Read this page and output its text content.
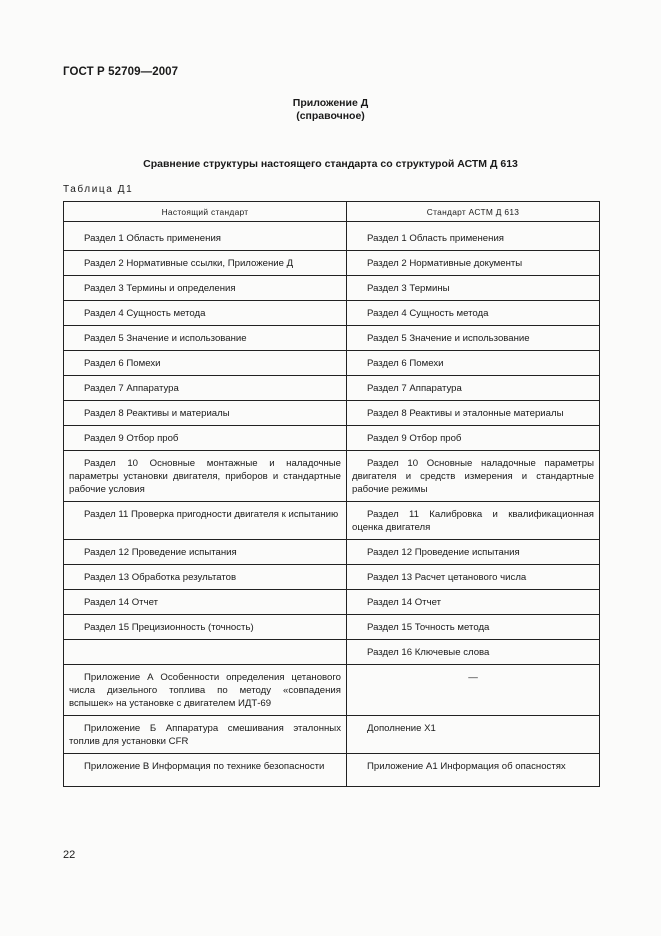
ГОСТ Р 52709—2007
Приложение Д
(справочное)
Сравнение структуры настоящего стандарта со структурой АСТМ Д 613
Таблица Д1
Настоящий стандарт	Стандарт АСТМ Д 613

Раздел 1 Область применения	Раздел 1 Область применения

Раздел 2 Нормативные ссылки, Приложение Д	Раздел 2 Нормативные документы

Раздел 3 Термины и определения	Раздел 3 Термины

Раздел 4 Сущность метода	Раздел 4 Сущность метода

Раздел 5 Значение и использование	Раздел 5 Значение и использование

Раздел 6 Помехи	Раздел 6 Помехи

Раздел 7 Аппаратура	Раздел 7 Аппаратура

Раздел 8 Реактивы и материалы	Раздел 8 Реактивы и эталонные материалы

Раздел 9 Отбор проб	Раздел 9 Отбор проб

Раздел 10 Основные монтажные и наладочные параметры установки двигателя, приборов и стандартные рабочие условия	Раздел 10 Основные наладочные параметры двигателя и средств измерения и стандартные рабочие режимы

Раздел 11 Проверка пригодности двигателя к испытанию	Раздел 11 Калибровка и квалификационная оценка двигателя

Раздел 12 Проведение испытания	Раздел 12 Проведение испытания

Раздел 13 Обработка результатов	Раздел 13 Расчет цетанового числа

Раздел 14 Отчет	Раздел 14 Отчет

Раздел 15 Прецизионность (точность)	Раздел 15 Точность метода

	Раздел 16 Ключевые слова

Приложение А Особенности определения цетанового числа дизельного топлива по методу «совпадения вспышек» на установке с двигателем ИДТ-69	—

Приложение Б Аппаратура смешивания эталонных топлив для установки CFR	Дополнение X1

Приложение В Информация по технике безопасности	Приложение А1 Информация об опасностях
22
